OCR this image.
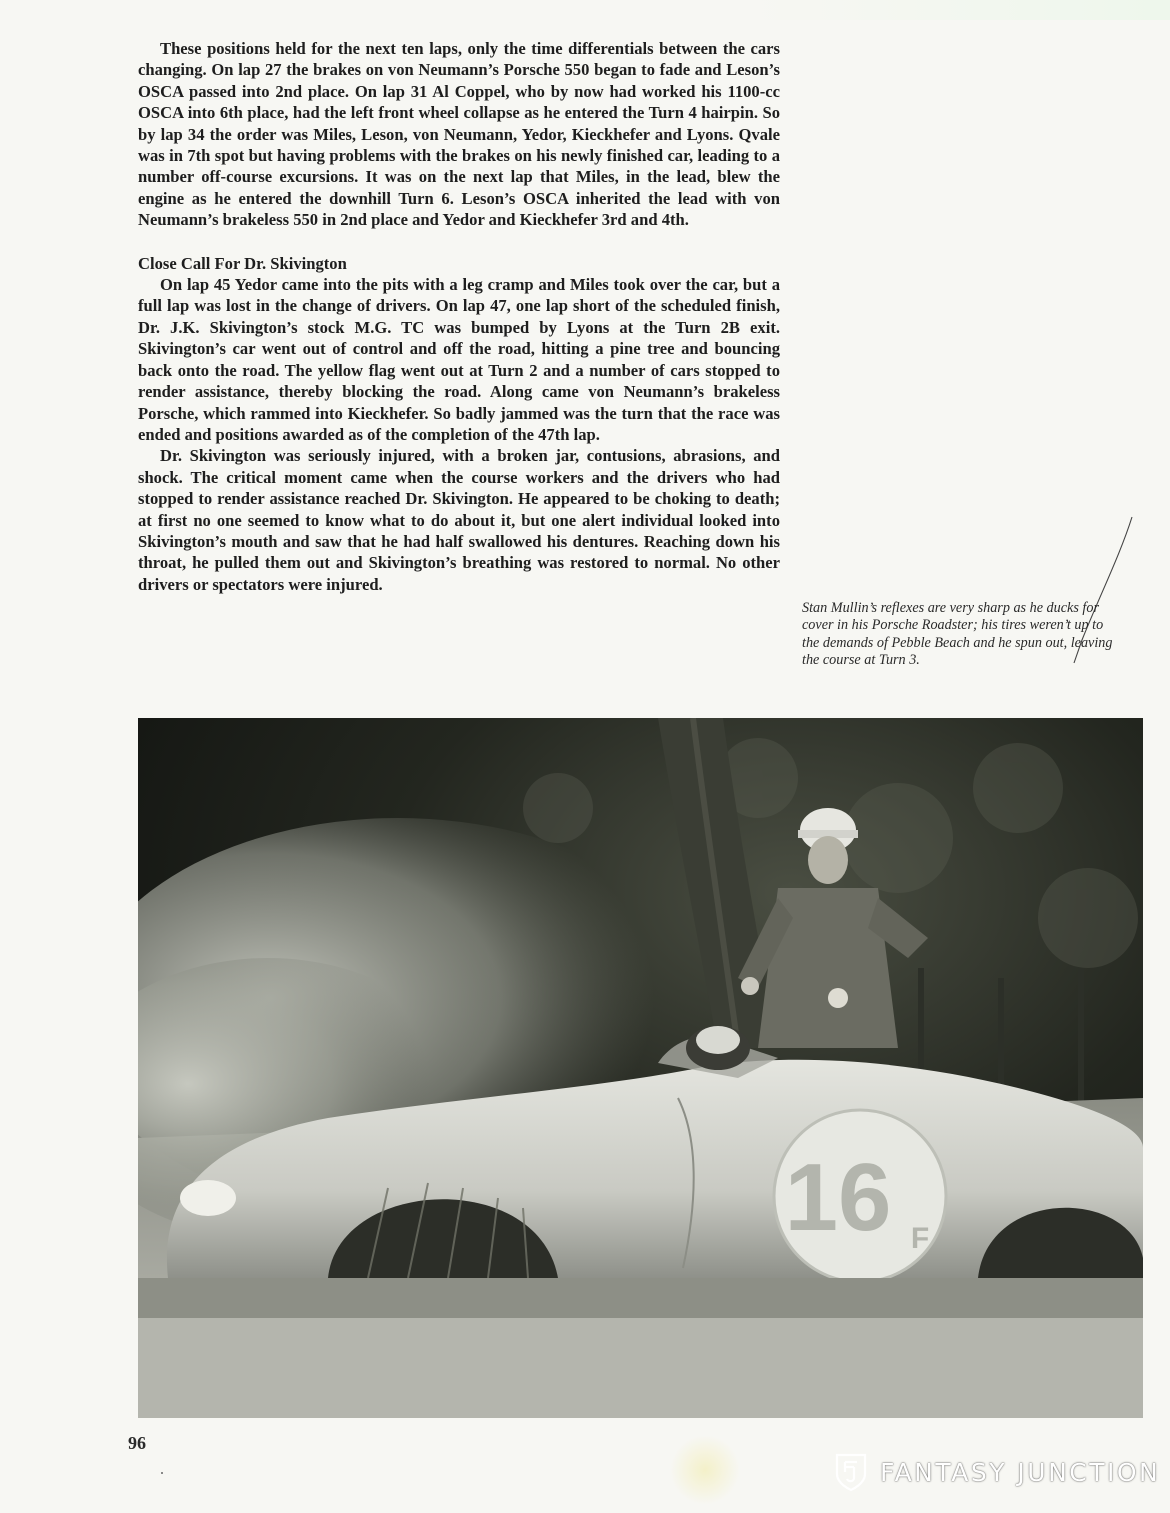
These positions held for the next ten laps, only the time differentials between the cars changing. On lap 27 the brakes on von Neumann’s Porsche 550 began to fade and Leson’s OSCA passed into 2nd place. On lap 31 Al Coppel, who by now had worked his 1100-cc OSCA into 6th place, had the left front wheel collapse as he entered the Turn 4 hairpin. So by lap 34 the order was Miles, Leson, von Neumann, Yedor, Kieckhefer and Lyons. Qvale was in 7th spot but having problems with the brakes on his newly finished car, leading to a number off-course excursions. It was on the next lap that Miles, in the lead, blew the engine as he entered the downhill Turn 6. Leson’s OSCA inherited the lead with von Neumann’s brakeless 550 in 2nd place and Yedor and Kieckhefer 3rd and 4th.

Close Call For Dr. Skivington

On lap 45 Yedor came into the pits with a leg cramp and Miles took over the car, but a full lap was lost in the change of drivers. On lap 47, one lap short of the scheduled finish, Dr. J.K. Skivington’s stock M.G. TC was bumped by Lyons at the Turn 2B exit. Skivington’s car went out of control and off the road, hitting a pine tree and bouncing back onto the road. The yellow flag went out at Turn 2 and a number of cars stopped to render assistance, thereby blocking the road. Along came von Neumann’s brakeless Porsche, which rammed into Kieckhefer. So badly jammed was the turn that the race was ended and positions awarded as of the completion of the 47th lap.

Dr. Skivington was seriously injured, with a broken jar, contusions, abrasions, and shock. The critical moment came when the course workers and the drivers who had stopped to render assistance reached Dr. Skivington. He appeared to be choking to death; at first no one seemed to know what to do about it, but one alert individual looked into Skivington’s mouth and saw that he had half swallowed his dentures. Reaching down his throat, he pulled them out and Skivington’s breathing was restored to normal. No other drivers or spectators were injured.

Stan Mullin’s reflexes are very sharp as he ducks for cover in his Porsche Roadster; his tires weren’t up to the demands of Pebble Beach and he spun out, leaving the course at Turn 3.
16 F
96
FANTASY JUNCTION
